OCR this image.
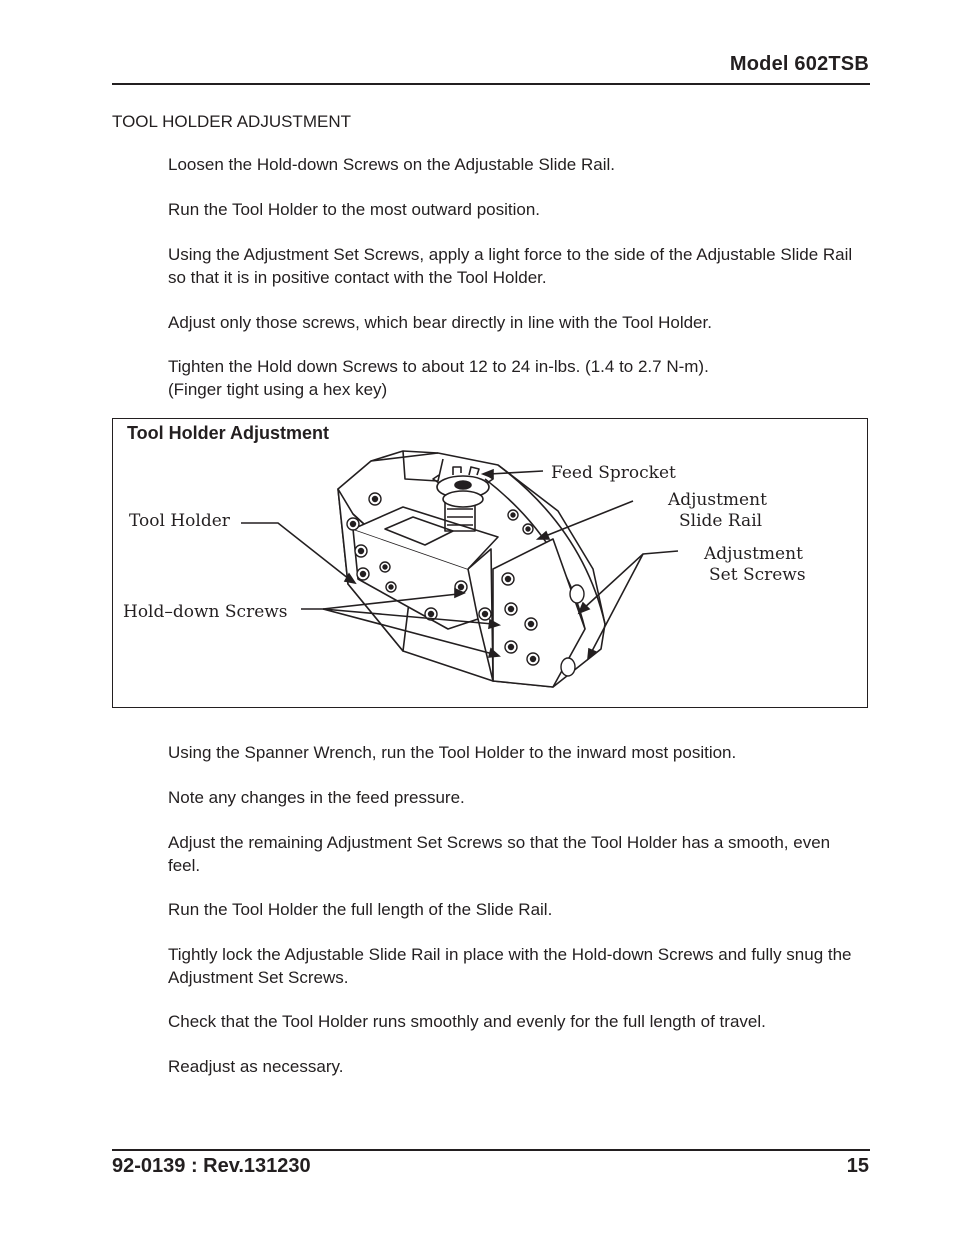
Model 602TSB
TOOL HOLDER ADJUSTMENT

Loosen the Hold-down Screws on the Adjustable Slide Rail.

Run the Tool Holder to the most outward position.

Using the Adjustment Set Screws, apply a light force to the side of the Adjustable Slide Rail so that it is in positive contact with the Tool Holder.

Adjust only those screws, which bear directly in line with the Tool Holder.

Tighten the Hold down Screws to about 12 to 24 in-lbs. (1.4 to 2.7 N-m).

(Finger tight using a hex key)

Tool Holder Adjustment
Feed Sprocket
Adjustment
Slide Rail
Adjustment
Set Screws
Tool Holder
Hold–down Screws

Using the Spanner Wrench, run the Tool Holder to the inward most position.

Note any changes in the feed pressure.

Adjust the remaining Adjustment Set Screws so that the Tool Holder has a smooth, even feel.

Run the Tool Holder the full length of the Slide Rail.

Tightly lock the Adjustable Slide Rail in place with the Hold-down Screws and fully snug the Adjustment Set Screws.

Check that the Tool Holder runs smoothly and evenly for the full length of travel.

Readjust as necessary.

92-0139 : Rev.131230	15
